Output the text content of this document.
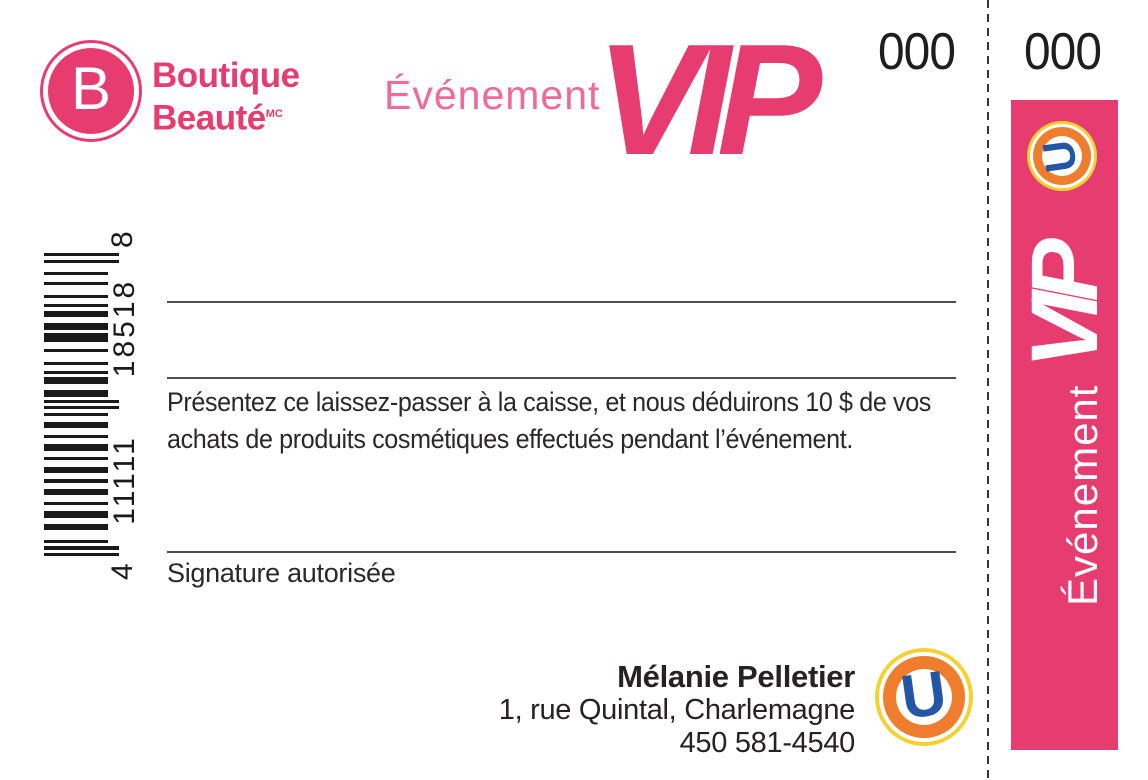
B Boutique
Beauté$^{MC}$	Événement
VIP 000 000
U
Événement
VIP
4
11111
18518
8
Présentez ce laissez-passer à la caisse, et nous déduirons 10 $ de vos
achats de produits cosmétiques effectués pendant l’événement.
Signature autorisée
Mélanie Pelletier
1, rue Quintal, Charlemagne
450 581-4540
U
